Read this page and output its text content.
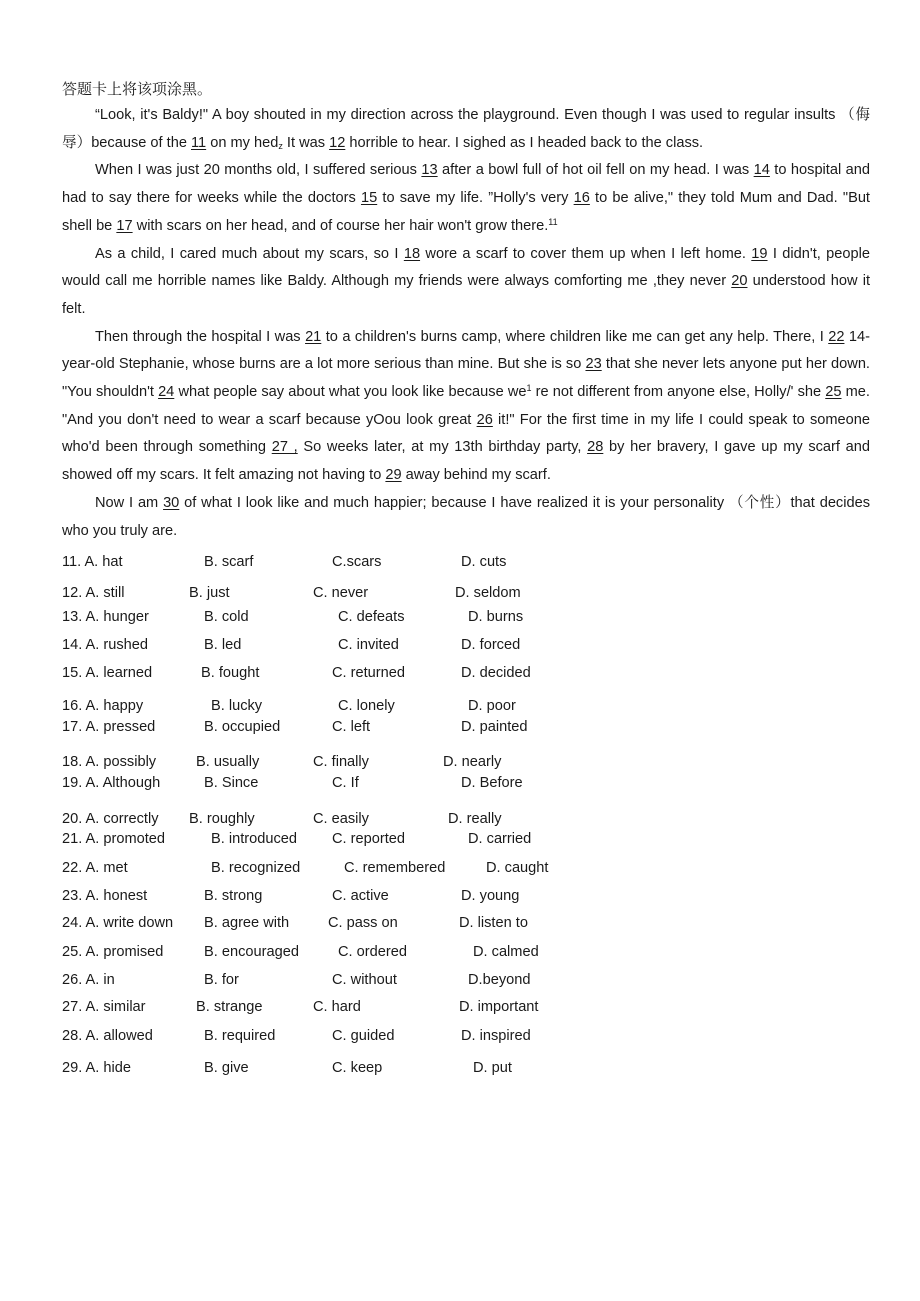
答题卡上将该项涂黑。

“Look, it's Baldy!" A boy shouted in my direction across the playground. Even though I was used to regular insults （侮辱）because of the 11 on my hed$_z$ It was 12 horrible to hear. I sighed as I headed back to the class.

When I was just 20 months old, I suffered serious 13 after a bowl full of hot oil fell on my head. I was 14 to hospital and had to say there for weeks while the doctors 15 to save my life. ”Holly's very 16 to be alive," they told Mum and Dad. "But shell be 17 with scars on her head, and of course her hair won't grow there.$^{11}$

As a child, I cared much about my scars, so I 18 wore a scarf to cover them up when I left home. 19 I didn't, people would call me horrible names like Baldy. Although my friends were always comforting me ,they never 20 understood how it felt.

Then through the hospital I was 21 to a children's burns camp, where children like me can get any help. There, I 22 14-year-old Stephanie, whose burns are a lot more serious than mine. But she is so 23 that she never lets anyone put her down. "You shouldn't 24 what people say about what you look like because $we^1$ re not different from anyone else, Holly/' she 25 me. "And you don't need to wear a scarf because yOou look great 26 it!" For the first time in my life I could speak to someone who'd been through something 27 , So weeks later, at my 13th birthday party, 28 by her bravery, I gave up my scarf and showed off my scars. It felt amazing not having to 29 away behind my scarf.

Now I am 30 of what I look like and much happier; because I have realized it is your personality （个性）that decides who you truly are.

11. A. hat	B. scarf	C.scars	D. cuts
12. A. still	B. just	C. never	D. seldom
13. A. hunger	B. cold	C. defeats	D. burns
14. A. rushed	B. led	C. invited	D. forced
15. A. learned	B. fought	C. returned	D. decided
16. A. happy	B. lucky	C. lonely	D. poor
17. A. pressed	B. occupied	C. left	D. painted
18. A. possibly	B. usually	C. finally	D. nearly
19. A. Although	B. Since	C. If	D. Before
20. A. correctly B. roughly	C. easily	D. really
21. A. promoted	B. introduced C. reported	D. carried
22. A. met	B. recognized	C. remembered	D. caught
23. A. honest	B. strong	C. active	D. young
24. A. write down B. agree with	C. pass on	D. listen to
25. A. promised	B. encouraged	C. ordered	D. calmed
26. A. in	B. for	C. without	D.beyond
27. A. similar	B. strange	C. hard	D. important
28. A. allowed	B. required	C. guided	D. inspired
29. A. hide	B. give	C. keep	D. put
